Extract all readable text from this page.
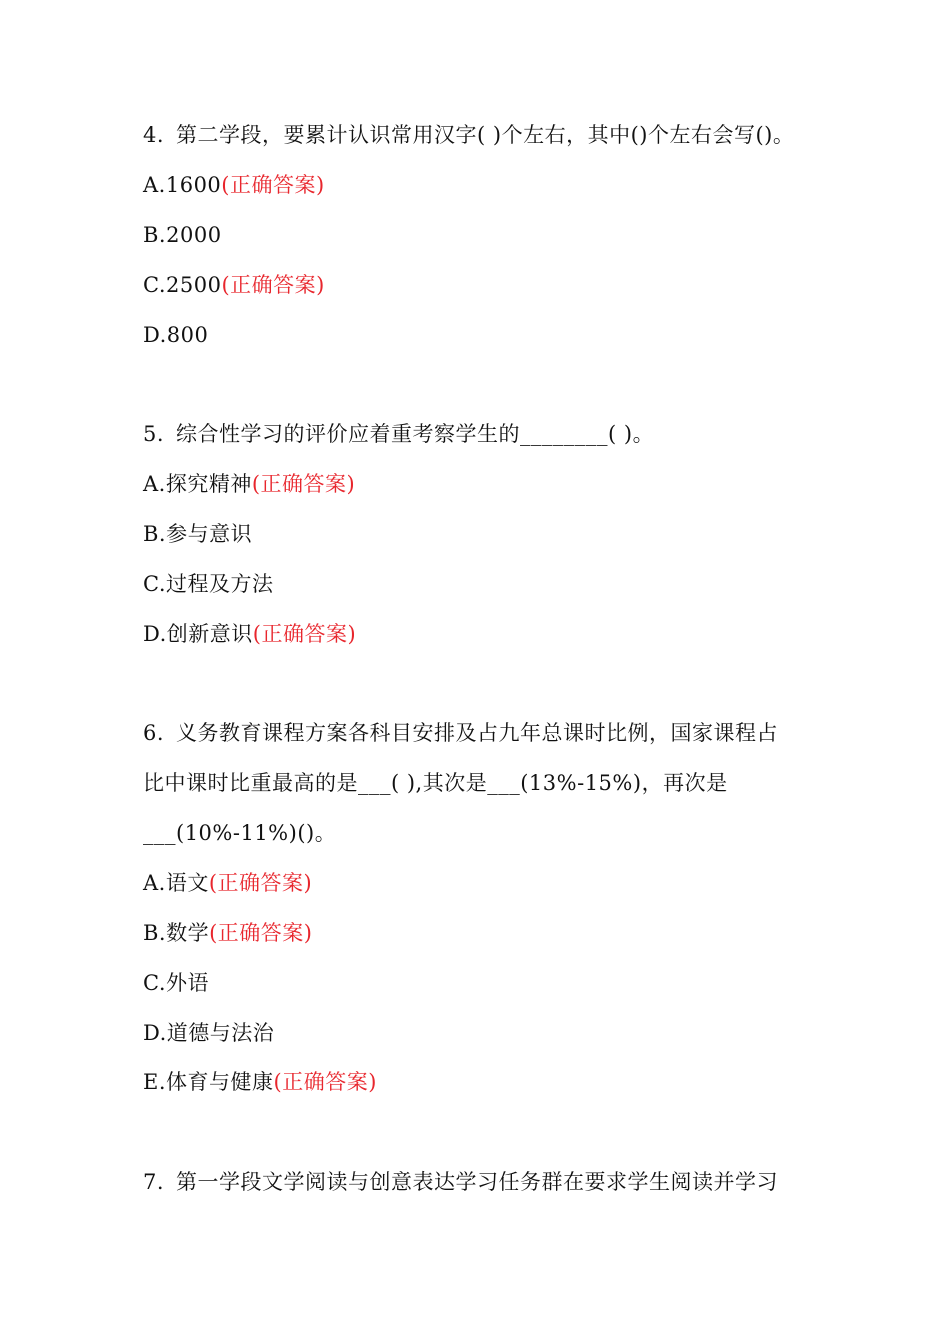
4. 第二学段，要累计认识常用汉字( )个左右，其中()个左右会写()。
A.1600(正确答案)
B.2000
C.2500(正确答案)
D.800
5. 综合性学习的评价应着重考察学生的________( )。
A.探究精神(正确答案)
B.参与意识
C.过程及方法
D.创新意识(正确答案)
6. 义务教育课程方案各科目安排及占九年总课时比例，国家课程占
比中课时比重最高的是___( ),其次是___(13%-15%)，再次是
___(10%-11%)()。
A.语文(正确答案)
B.数学(正确答案)
C.外语
D.道德与法治
E.体育与健康(正确答案)
7. 第一学段文学阅读与创意表达学习任务群在要求学生阅读并学习
